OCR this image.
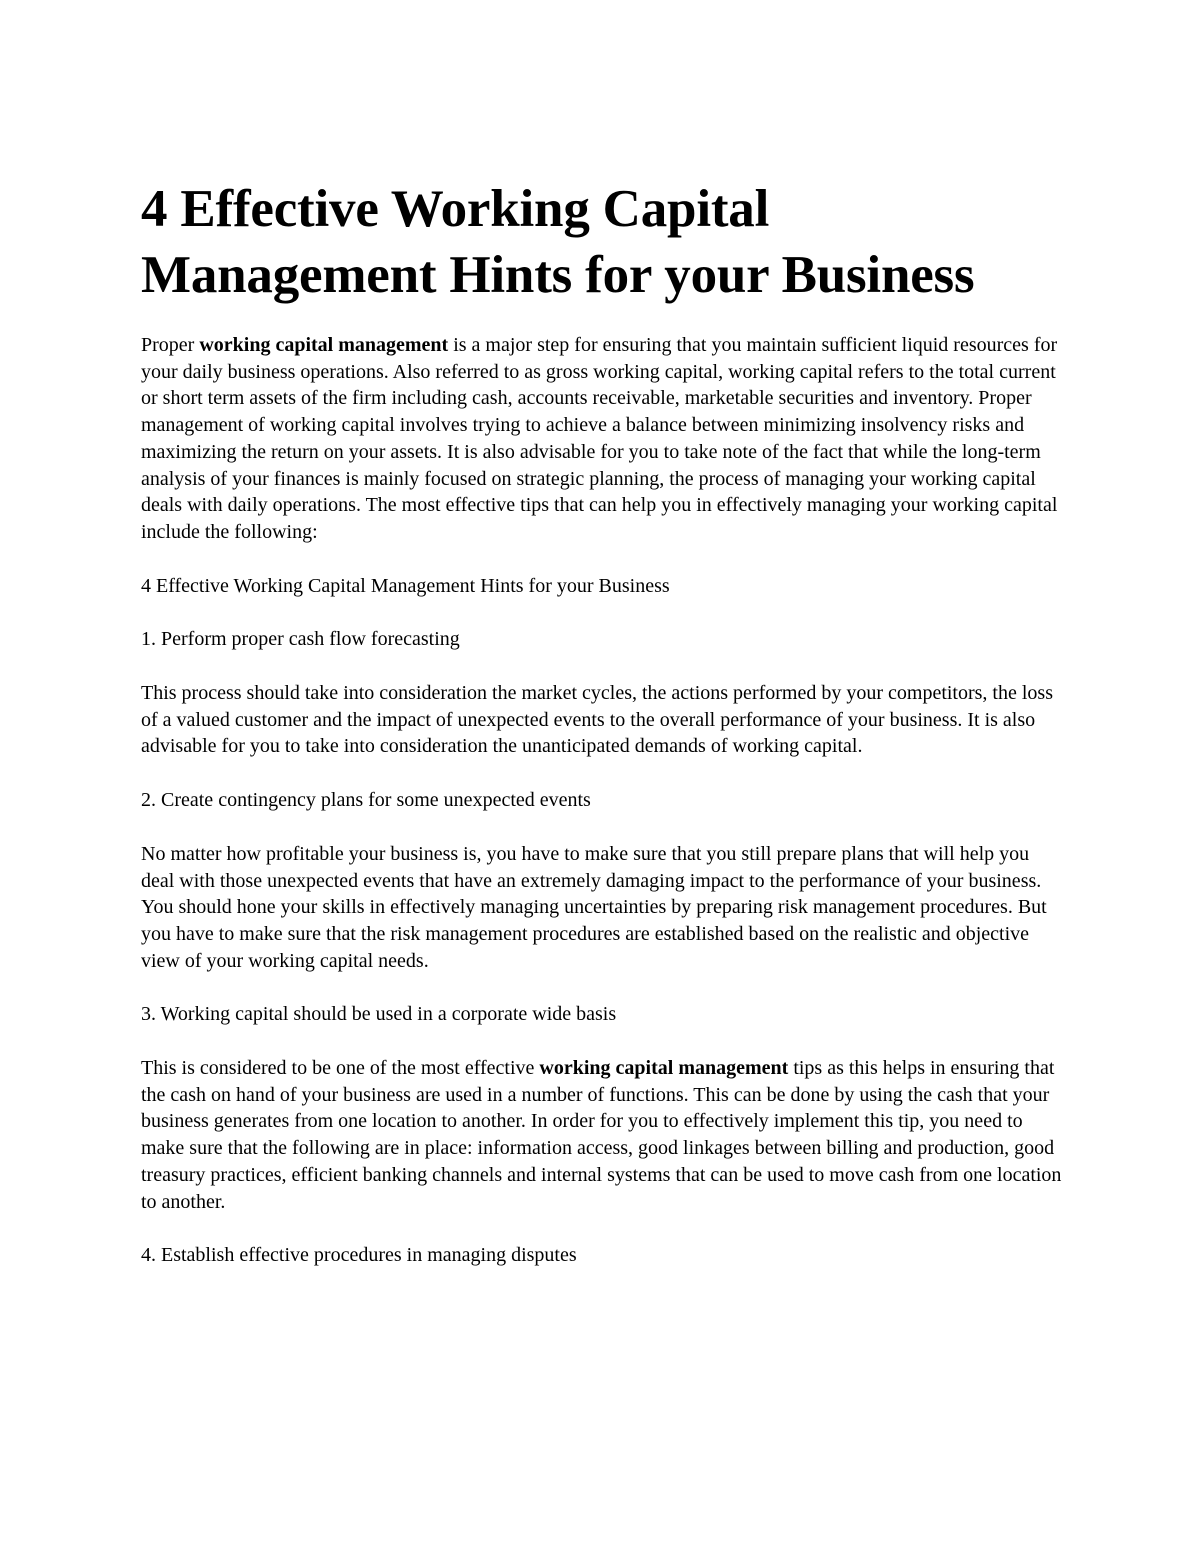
4 Effective Working Capital Management Hints for your Business

Proper working capital management is a major step for ensuring that you maintain sufficient liquid resources for your daily business operations. Also referred to as gross working capital, working capital refers to the total current or short term assets of the firm including cash, accounts receivable, marketable securities and inventory. Proper management of working capital involves trying to achieve a balance between minimizing insolvency risks and maximizing the return on your assets. It is also advisable for you to take note of the fact that while the long-term analysis of your finances is mainly focused on strategic planning, the process of managing your working capital deals with daily operations. The most effective tips that can help you in effectively managing your working capital include the following:

4 Effective Working Capital Management Hints for your Business

1. Perform proper cash flow forecasting

This process should take into consideration the market cycles, the actions performed by your competitors, the loss of a valued customer and the impact of unexpected events to the overall performance of your business. It is also advisable for you to take into consideration the unanticipated demands of working capital.

2. Create contingency plans for some unexpected events

No matter how profitable your business is, you have to make sure that you still prepare plans that will help you deal with those unexpected events that have an extremely damaging impact to the performance of your business. You should hone your skills in effectively managing uncertainties by preparing risk management procedures. But you have to make sure that the risk management procedures are established based on the realistic and objective view of your working capital needs.

3. Working capital should be used in a corporate wide basis

This is considered to be one of the most effective working capital management tips as this helps in ensuring that the cash on hand of your business are used in a number of functions. This can be done by using the cash that your business generates from one location to another. In order for you to effectively implement this tip, you need to make sure that the following are in place: information access, good linkages between billing and production, good treasury practices, efficient banking channels and internal systems that can be used to move cash from one location to another.

4. Establish effective procedures in managing disputes
